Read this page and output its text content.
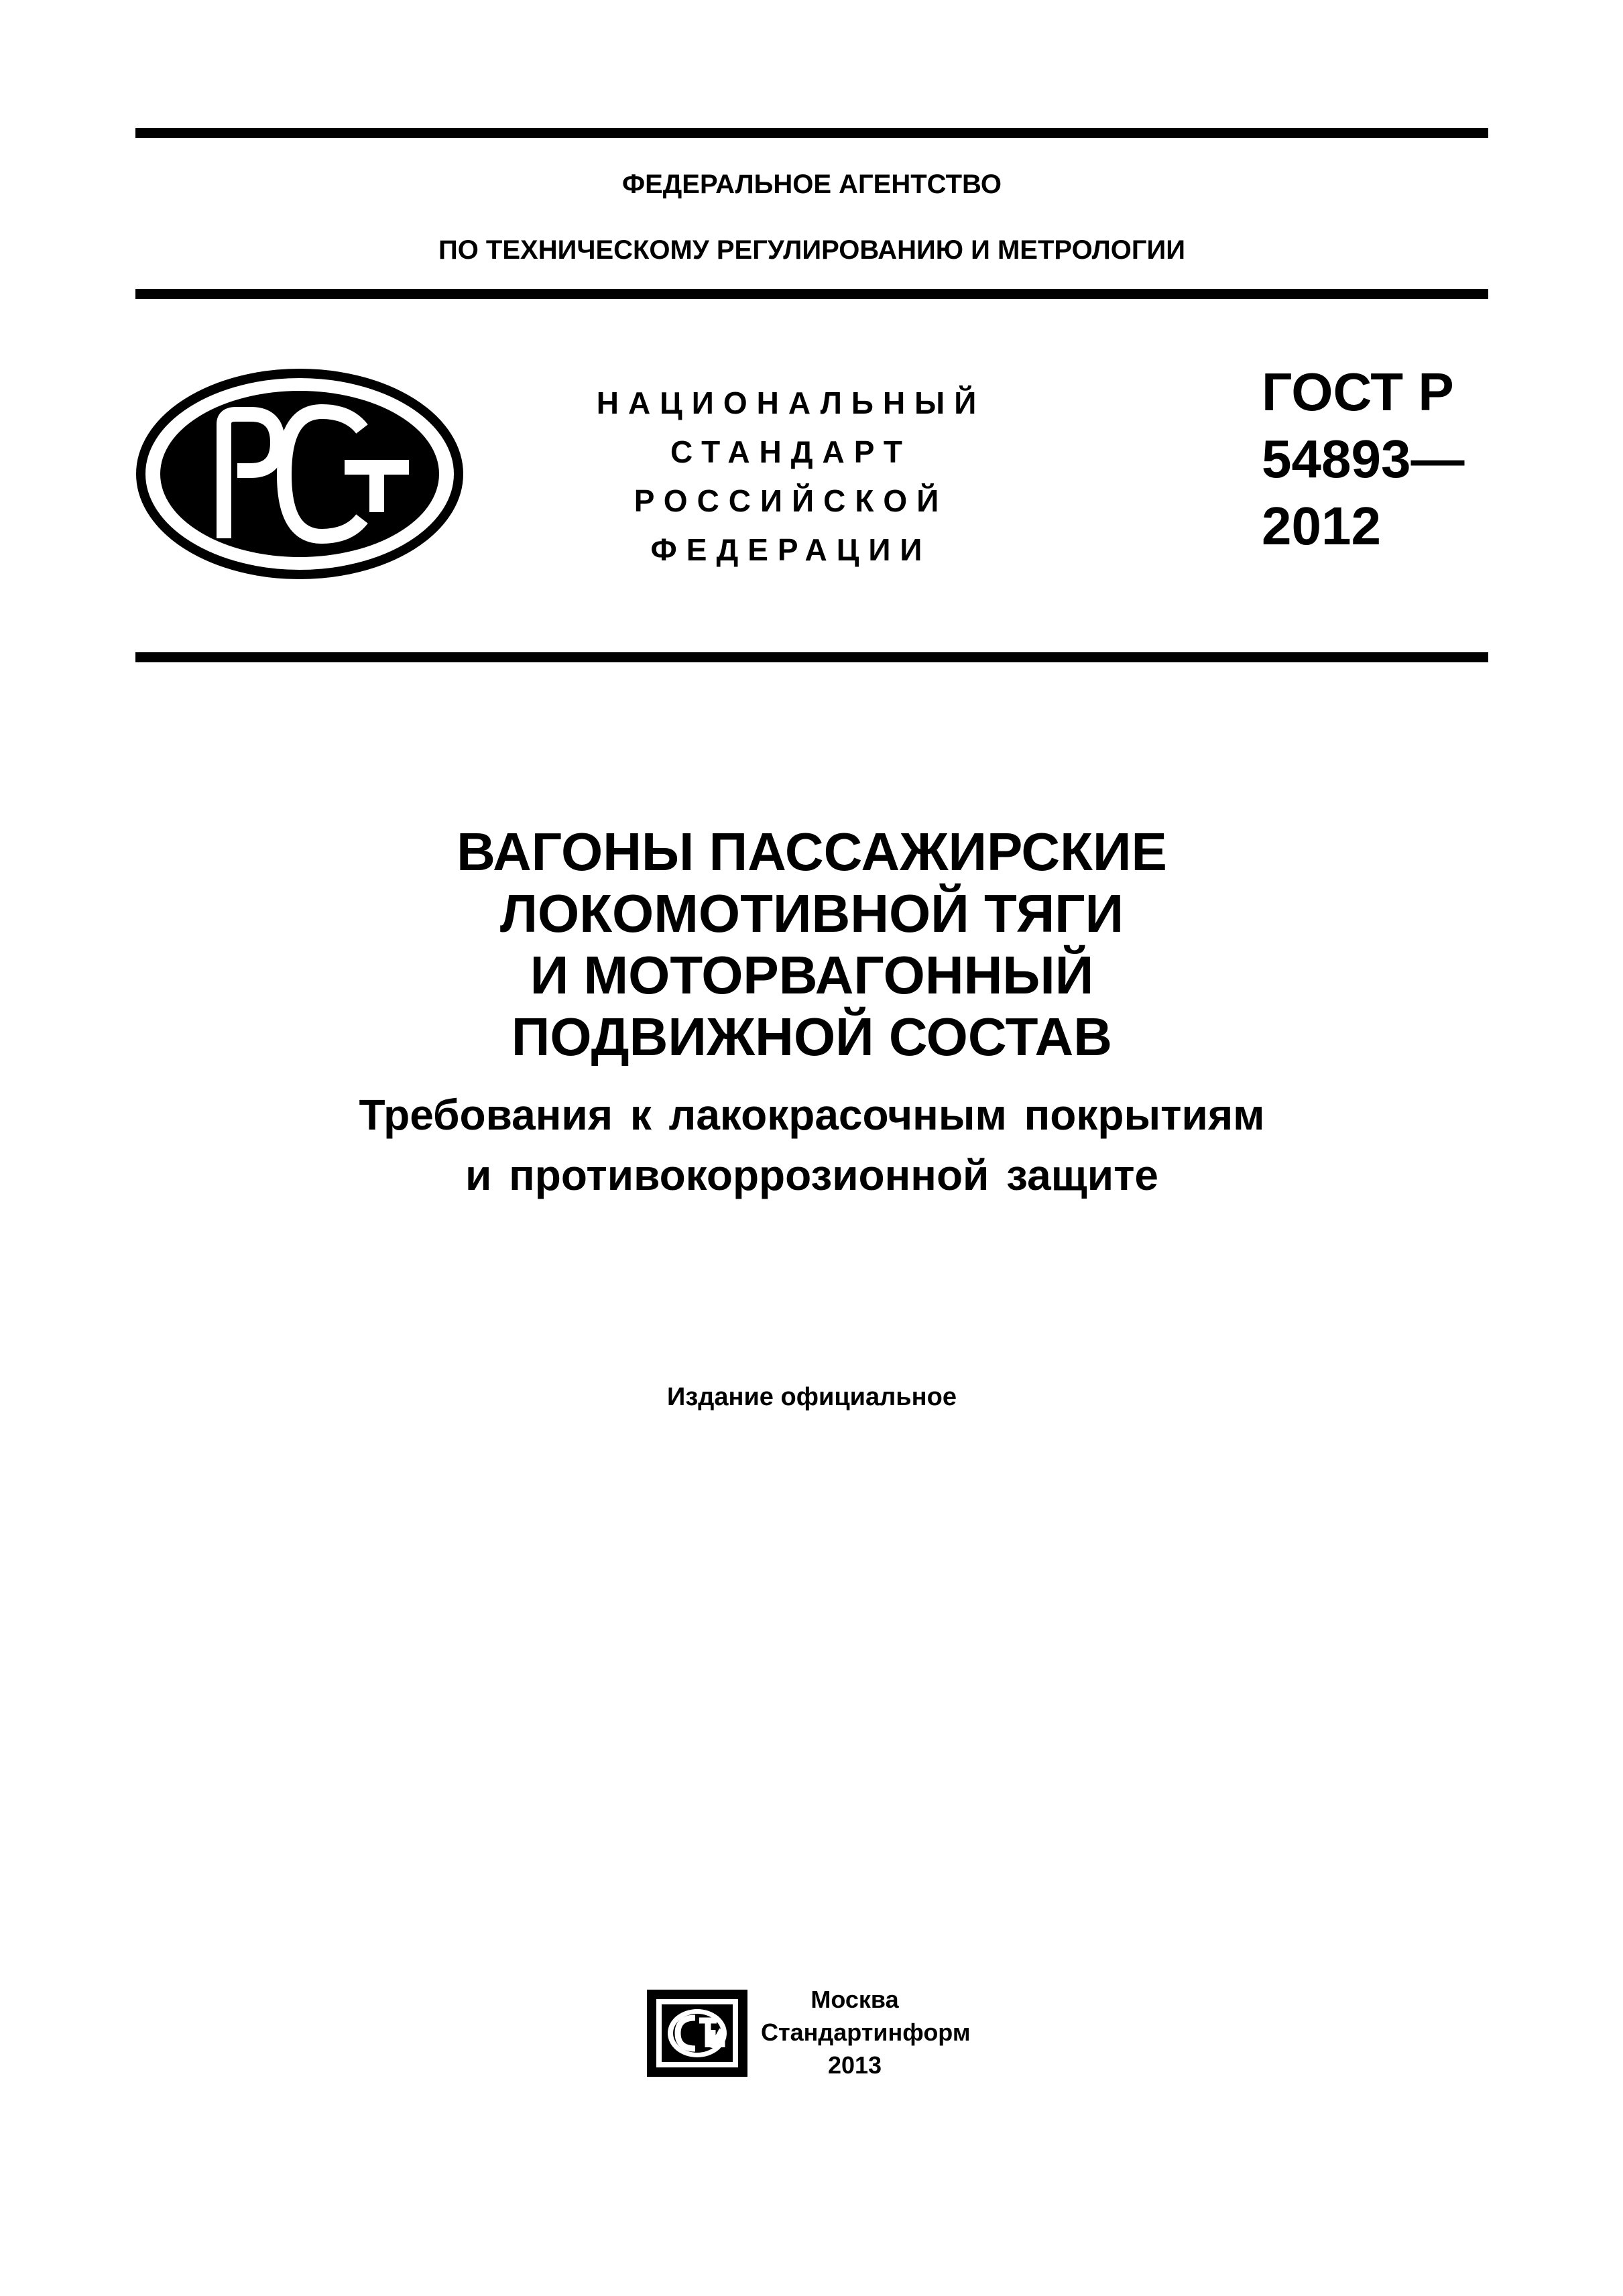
ФЕДЕРАЛЬНОЕ АГЕНТСТВО
ПО ТЕХНИЧЕСКОМУ РЕГУЛИРОВАНИЮ И МЕТРОЛОГИИ
НАЦИОНАЛЬНЫЙ
СТАНДАРТ
РОССИЙСКОЙ
ФЕДЕРАЦИИ
ГОСТ Р
54893—
2012
ВАГОНЫ ПАССАЖИРСКИЕ
ЛОКОМОТИВНОЙ ТЯГИ
И МОТОРВАГОННЫЙ
ПОДВИЖНОЙ СОСТАВ
Требования к лакокрасочным покрытиям
и противокоррозионной защите
Издание официальное
Москва
Стандартинформ
2013
